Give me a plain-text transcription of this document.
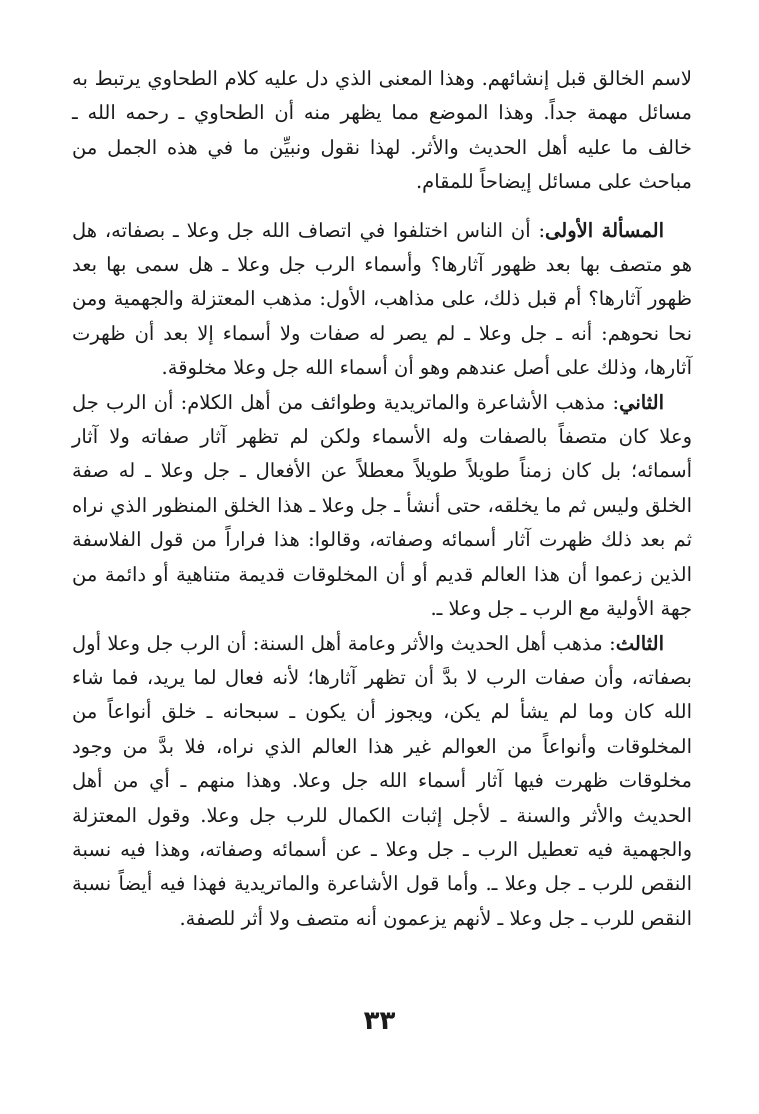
لاسم الخالق قبل إنشائهم. وهذا المعنى الذي دل عليه كلام الطحاوي يرتبط به مسائل مهمة جداً. وهذا الموضع مما يظهر منه أن الطحاوي ـ رحمه الله ـ خالف ما عليه أهل الحديث والأثر. لهذا نقول ونبيِّن ما في هذه الجمل من مباحث على مسائل إيضاحاً للمقام.

المسألة الأولى: أن الناس اختلفوا في اتصاف الله جل وعلا ـ بصفاته، هل هو متصف بها بعد ظهور آثارها؟ وأسماء الرب جل وعلا ـ هل سمى بها بعد ظهور آثارها؟ أم قبل ذلك، على مذاهب، الأول: مذهب المعتزلة والجهمية ومن نحا نحوهم: أنه ـ جل وعلا ـ لم يصر له صفات ولا أسماء إلا بعد أن ظهرت آثارها، وذلك على أصل عندهم وهو أن أسماء الله جل وعلا مخلوقة.

الثاني: مذهب الأشاعرة والماتريدية وطوائف من أهل الكلام: أن الرب جل وعلا كان متصفاً بالصفات وله الأسماء ولكن لم تظهر آثار صفاته ولا آثار أسمائه؛ بل كان زمناً طويلاً طويلاً معطلاً عن الأفعال ـ جل وعلا ـ له صفة الخلق وليس ثم ما يخلقه، حتى أنشأ ـ جل وعلا ـ هذا الخلق المنظور الذي نراه ثم بعد ذلك ظهرت آثار أسمائه وصفاته، وقالوا: هذا فراراً من قول الفلاسفة الذين زعموا أن هذا العالم قديم أو أن المخلوقات قديمة متناهية أو دائمة من جهة الأولية مع الرب ـ جل وعلا ـ.

الثالث: مذهب أهل الحديث والأثر وعامة أهل السنة: أن الرب جل وعلا أول بصفاته، وأن صفات الرب لا بدَّ أن تظهر آثارها؛ لأنه فعال لما يريد، فما شاء الله كان وما لم يشأ لم يكن، ويجوز أن يكون ـ سبحانه ـ خلق أنواعاً من المخلوقات وأنواعاً من العوالم غير هذا العالم الذي نراه، فلا بدَّ من وجود مخلوقات ظهرت فيها آثار أسماء الله جل وعلا. وهذا منهم ـ أي من أهل الحديث والأثر والسنة ـ لأجل إثبات الكمال للرب جل وعلا. وقول المعتزلة والجهمية فيه تعطيل الرب ـ جل وعلا ـ عن أسمائه وصفاته، وهذا فيه نسبة النقص للرب ـ جل وعلا ـ. وأما قول الأشاعرة والماتريدية فهذا فيه أيضاً نسبة النقص للرب ـ جل وعلا ـ لأنهم يزعمون أنه متصف ولا أثر للصفة.

٣٣
